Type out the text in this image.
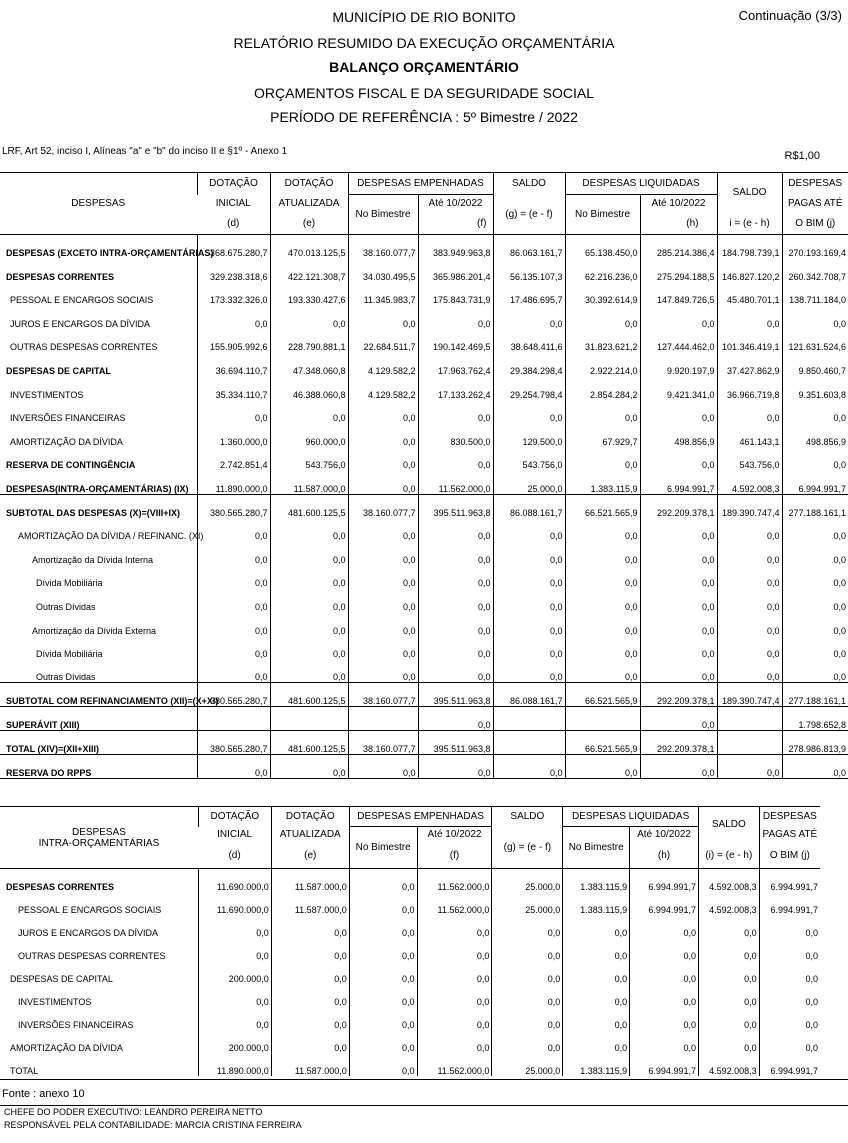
MUNICÍPIO DE RIO BONITO	Continuação (3/3)
RELATÓRIO RESUMIDO DA EXECUÇÃO ORÇAMENTÁRIA
BALANÇO ORÇAMENTÁRIO
ORÇAMENTOS FISCAL E DA SEGURIDADE SOCIAL
PERÍODO DE REFERÊNCIA : 5º Bimestre / 2022
LRF, Art 52, inciso I, Alíneas "a" e "b" do inciso II e §1º - Anexo 1	R$1,00
DESPESAS	DOTAÇÃO	DOTAÇÃO	DESPESAS EMPENHADAS		SALDO	DESPESAS LIQUIDADAS		SALDO	DESPESAS
	INICIAL	ATUALIZADA	No Bimestre	Até 10/2022	(g) = (e - f)	No Bimestre	Até 10/2022		PAGAS ATÉ
	(d)	(e)		(f)			(h)	i = (e - h)	O BIM (j)
DESPESAS (EXCETO INTRA-ORÇAMENTÁRIAS)	368.675.280,7	470.013.125,5	38.160.077,7	383.949.963,8	86.063.161,7	65.138.450,0	285.214.386,4	184.798.739,1	270.193.169,4
DESPESAS CORRENTES	329.238.318,6	422.121.308,7	34.030.495,5	365.986.201,4	56.135.107,3	62.216.236,0	275.294.188,5	146.827.120,2	260.342.708,7
PESSOAL E ENCARGOS SOCIAIS	173.332.326,0	193.330.427,6	11.345.983,7	175.843.731,9	17.486.695,7	30.392.614,9	147.849.726,5	45.480.701,1	138.711.184,0
JUROS E ENCARGOS DA DÍVIDA	0,0	0,0	0,0	0,0	0,0	0,0	0,0	0,0	0,0
OUTRAS DESPESAS CORRENTES	155.905.992,6	228.790.881,1	22.684.511,7	190.142.469,5	38.648.411,6	31.823.621,2	127.444.462,0	101.346.419,1	121.631.524,6
DESPESAS DE CAPITAL	36.694.110,7	47.348.060,8	4.129.582,2	17.963.762,4	29.384.298,4	2.922.214,0	9.920.197,9	37.427.862,9	9.850.460,7
INVESTIMENTOS	35.334.110,7	46.388.060,8	4.129.582,2	17.133.262,4	29.254.798,4	2.854.284,2	9.421.341,0	36.966.719,8	9.351.603,8
INVERSÕES FINANCEIRAS	0,0	0,0	0,0	0,0	0,0	0,0	0,0	0,0	0,0
AMORTIZAÇÃO DA DÍVIDA	1.360.000,0	960.000,0	0,0	830.500,0	129.500,0	67.929,7	498.856,9	461.143,1	498.856,9
RESERVA DE CONTINGÊNCIA	2.742.851,4	543.756,0	0,0	0,0	543.756,0	0,0	0,0	543.756,0	0,0
DESPESAS(INTRA-ORÇAMENTÁRIAS) (IX)	11.890.000,0	11.587.000,0	0,0	11.562.000,0	25.000,0	1.383.115,9	6.994.991,7	4.592.008,3	6.994.991,7
SUBTOTAL DAS DESPESAS (X)=(VIII+IX)	380.565.280,7	481.600.125,5	38.160.077,7	395.511.963,8	86.088.161,7	66.521.565,9	292.209.378,1	189.390.747,4	277.188.161,1
AMORTIZAÇÃO DA DÍVIDA / REFINANC. (XI)	0,0	0,0	0,0	0,0	0,0	0,0	0,0	0,0	0,0
Amortização da Dívida Interna	0,0	0,0	0,0	0,0	0,0	0,0	0,0	0,0	0,0
Dívida Mobiliária	0,0	0,0	0,0	0,0	0,0	0,0	0,0	0,0	0,0
Outras Dívidas	0,0	0,0	0,0	0,0	0,0	0,0	0,0	0,0	0,0
Amortização da Dívida Externa	0,0	0,0	0,0	0,0	0,0	0,0	0,0	0,0	0,0
Dívida Mobiliária	0,0	0,0	0,0	0,0	0,0	0,0	0,0	0,0	0,0
Outras Dívidas	0,0	0,0	0,0	0,0	0,0	0,0	0,0	0,0	0,0
SUBTOTAL COM REFINANCIAMENTO (XII)=(X+XI)	380.565.280,7	481.600.125,5	38.160.077,7	395.511.963,8	86.088.161,7	66.521.565,9	292.209.378,1	189.390.747,4	277.188.161,1
SUPERÁVIT (XIII)				0,0			0,0		1.798.652,8
TOTAL (XIV)=(XII+XIII)	380.565.280,7	481.600.125,5	38.160.077,7	395.511.963,8		66.521.565,9	292.209.378,1		278.986.813,9
RESERVA DO RPPS	0,0	0,0	0,0	0,0	0,0	0,0	0,0	0,0	0,0
DESPESAS
INTRA-ORÇAMENTÁRIAS	DOTAÇÃO	DOTAÇÃO	DESPESAS EMPENHADAS		SALDO	DESPESAS LIQUIDADAS		SALDO	DESPESAS
	INICIAL	ATUALIZADA	No Bimestre	Até 10/2022	(g) = (e - f)	No Bimestre	Até 10/2022		PAGAS ATÉ
	(d)	(e)		(f)			(h)	(i) = (e - h)	O BIM (j)
DESPESAS CORRENTES	11.690.000,0	11.587.000,0	0,0	11.562.000,0	25.000,0	1.383.115,9	6.994.991,7	4.592.008,3	6.994.991,7
PESSOAL E ENCARGOS SOCIAIS	11.690.000,0	11.587.000,0	0,0	11.562.000,0	25.000,0	1.383.115,9	6.994.991,7	4.592.008,3	6.994.991,7
JUROS E ENCARGOS DA DÍVIDA	0,0	0,0	0,0	0,0	0,0	0,0	0,0	0,0	0,0
OUTRAS DESPESAS CORRENTES	0,0	0,0	0,0	0,0	0,0	0,0	0,0	0,0	0,0
DESPESAS DE CAPITAL	200.000,0	0,0	0,0	0,0	0,0	0,0	0,0	0,0	0,0
INVESTIMENTOS	0,0	0,0	0,0	0,0	0,0	0,0	0,0	0,0	0,0
INVERSÕES FINANCEIRAS	0,0	0,0	0,0	0,0	0,0	0,0	0,0	0,0	0,0
AMORTIZAÇÃO DA DÍVIDA	200.000,0	0,0	0,0	0,0	0,0	0,0	0,0	0,0	0,0
TOTAL	11.890.000,0	11.587.000,0	0,0	11.562.000,0	25.000,0	1.383.115,9	6.994.991,7	4.592.008,3	6.994.991,7
Fonte : anexo 10
CHEFE DO PODER EXECUTIVO: LEANDRO PEREIRA NETTO
RESPONSÁVEL PELA CONTABILIDADE: MARCIA CRISTINA FERREIRA
